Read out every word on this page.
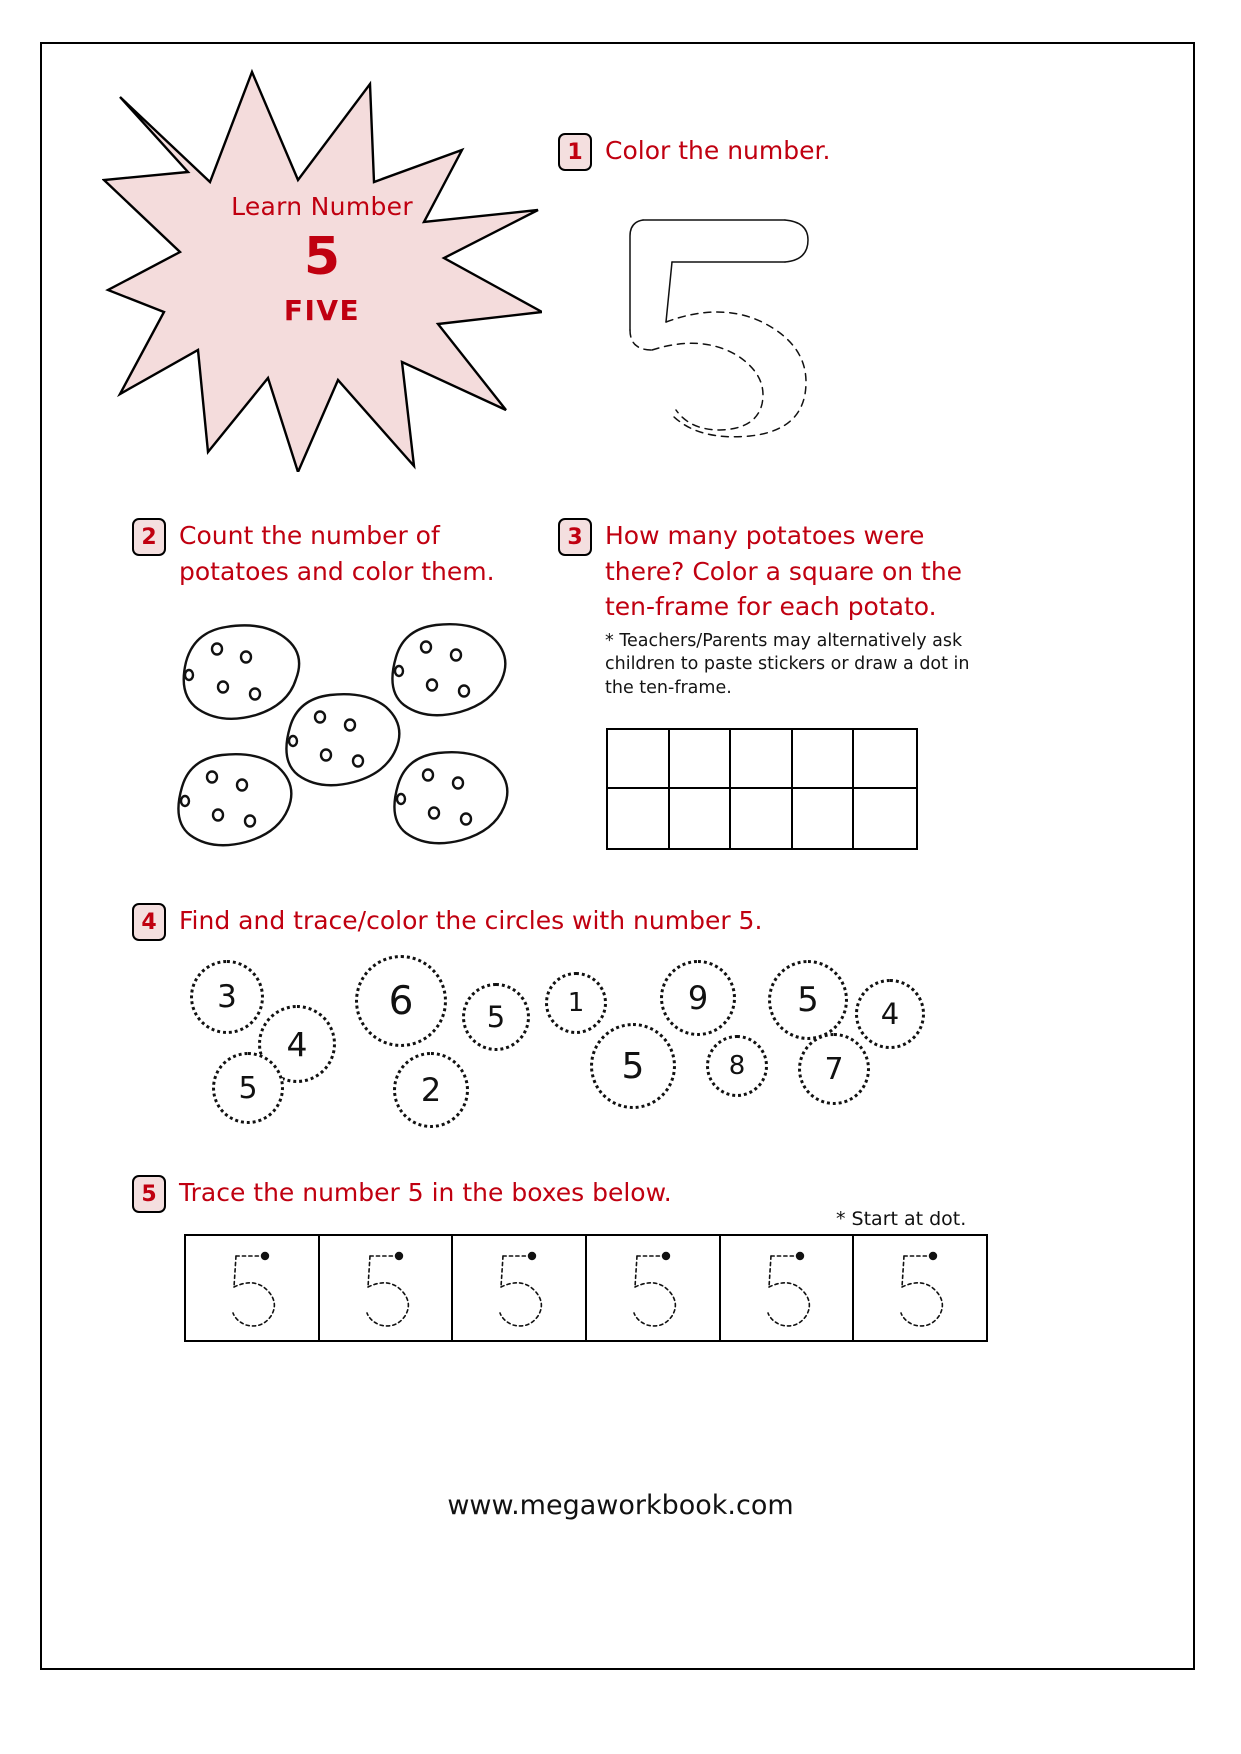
Learn Number
5
FIVE
1 Color the number.
2 Count the number of potatoes and color them.
3 How many potatoes were there? Color a square on the ten-frame for each potato.
* Teachers/Parents may alternatively ask children to paste stickers or draw a dot in the ten-frame.
4 Find and trace/color the circles with number 5.
3
4
5
6
2
5 1
5
9
8
5
7
4
5 Trace the number 5 in the boxes below.
* Start at dot.
www.megaworkbook.com
